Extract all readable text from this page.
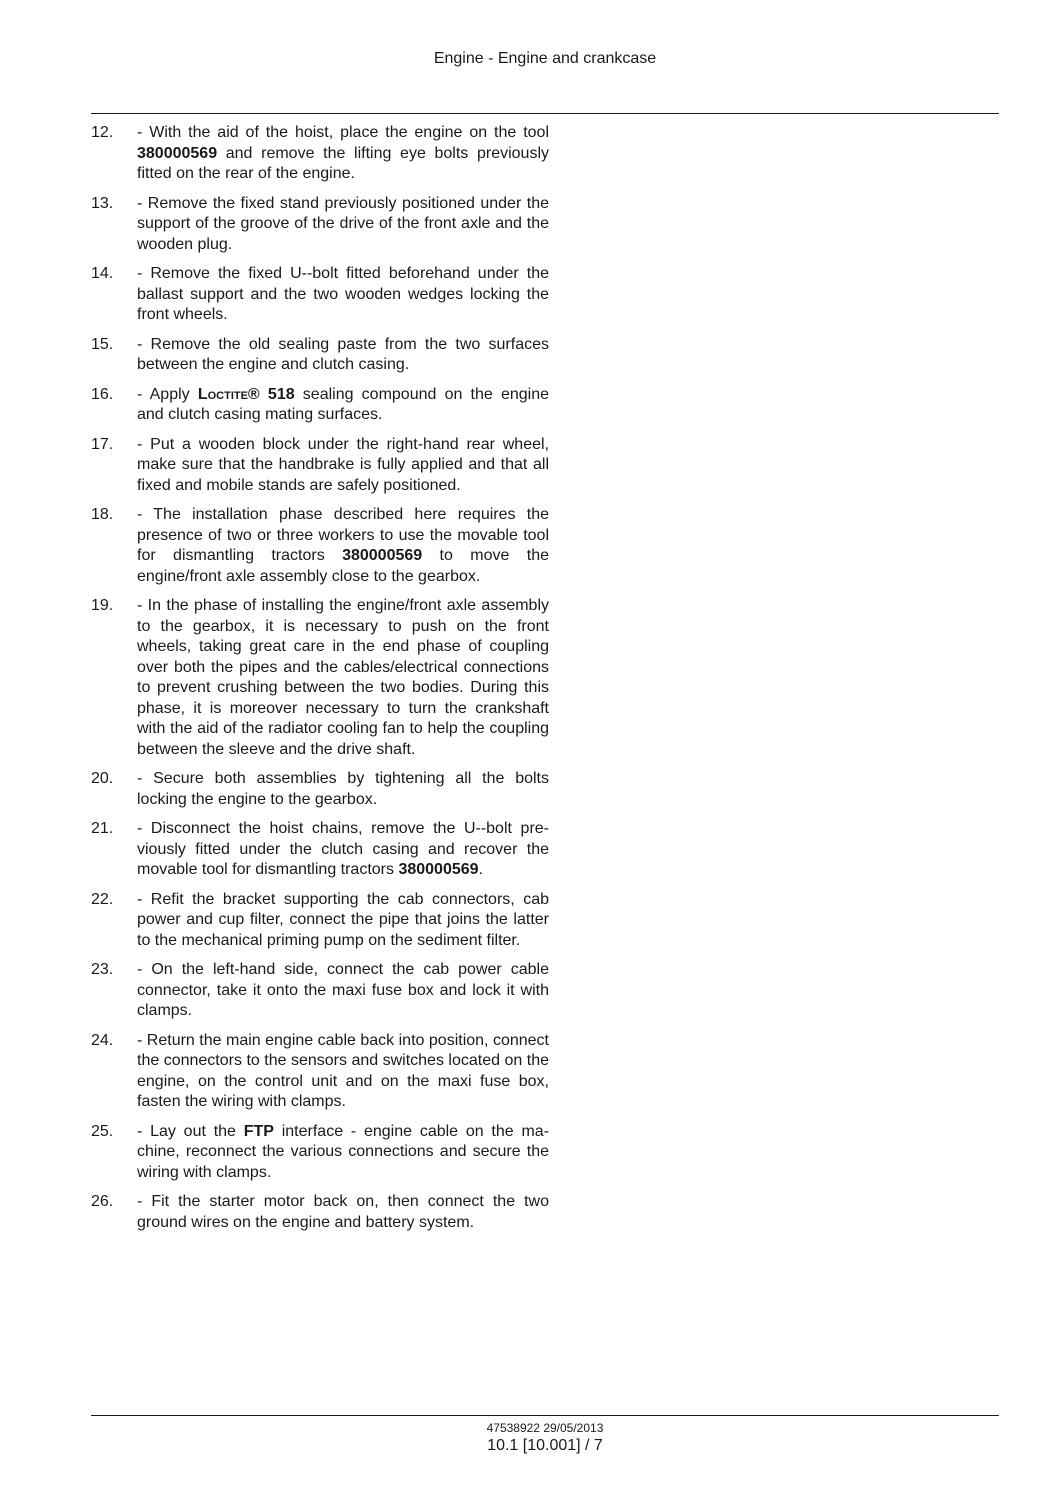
Engine - Engine and crankcase
12.	- With the aid of the hoist, place the engine on the tool 380000569 and remove the lifting eye bolts previously fitted on the rear of the engine.
13.	- Remove the fixed stand previously positioned under the support of the groove of the drive of the front axle and the wooden plug.
14.	- Remove the fixed U--bolt fitted beforehand under the ballast support and the two wooden wedges locking the front wheels.
15.	- Remove the old sealing paste from the two surfaces between the engine and clutch casing.
16.	- Apply Loctite® 518 sealing compound on the engine and clutch casing mating surfaces.
17.	- Put a wooden block under the right-hand rear wheel, make sure that the handbrake is fully applied and that all fixed and mobile stands are safely positioned.
18.	- The installation phase described here requires the presence of two or three workers to use the movable tool for dismantling tractors 380000569 to move the engine/front axle assembly close to the gearbox.
19.	- In the phase of installing the engine/front axle assembly to the gearbox, it is necessary to push on the front wheels, taking great care in the end phase of coupling over both the pipes and the cables/electrical connections to prevent crushing between the two bodies. During this phase, it is moreover necessary to turn the crankshaft with the aid of the radiator cooling fan to help the coupling between the sleeve and the drive shaft.
20.	- Secure both assemblies by tightening all the bolts locking the engine to the gearbox.
21.	- Disconnect the hoist chains, remove the U--bolt previously fitted under the clutch casing and recover the movable tool for dismantling tractors 380000569.
22.	- Refit the bracket supporting the cab connectors, cab power and cup filter, connect the pipe that joins the latter to the mechanical priming pump on the sediment filter.
23.	- On the left-hand side, connect the cab power cable connector, take it onto the maxi fuse box and lock it with clamps.
24.	- Return the main engine cable back into position, connect the connectors to the sensors and switches located on the engine, on the control unit and on the maxi fuse box, fasten the wiring with clamps.
25.	- Lay out the FTP interface - engine cable on the machine, reconnect the various connections and secure the wiring with clamps.
26.	- Fit the starter motor back on, then connect the two ground wires on the engine and battery system.
47538922 29/05/2013
10.1 [10.001] / 7
